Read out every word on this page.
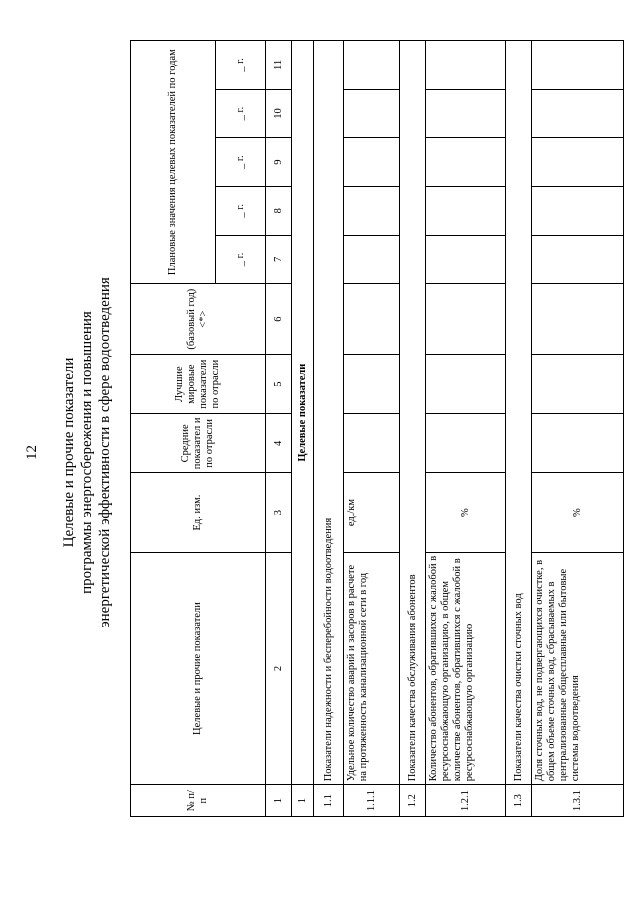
12 Целевые и прочие показатели программы энергосбережения и повышения энергетической эффективности в сфере водоотведения
№ п/п	Целевые и прочие показатели	Ед. изм.	Средние показател и по отрасли	Лучшие мировые показатели по отрасли	(базовый год) <*>	Плановые значения целевых показателей по годам				
						_ г.	_ г.	_ г.	_ г.	_ г.
1	2	3	4	5	6	7	8	9	10	11
1	Целевые показатели									
1.1	Показатели надежности и бесперебойности водоотведения									
1.1.1	Удельное количество аварий и засоров в расчете на протяженность канализационной сети в год	ед./км								
1.2	Показатели качества обслуживания абонентов									
1.2.1	Количество абонентов, обратившихся с жалобой в ресурсоснабжающую организацию, в общем количестве абонентов, обратившихся с жалобой в ресурсоснабжающую организацию	%								
1.3	Показатели качества очистки сточных вод									
1.3.1	Доля сточных вод, не подвергающихся очистке, в общем объеме сточных вод, сбрасываемых в централизованные общесплавные или бытовые системы водоотведения	%								
